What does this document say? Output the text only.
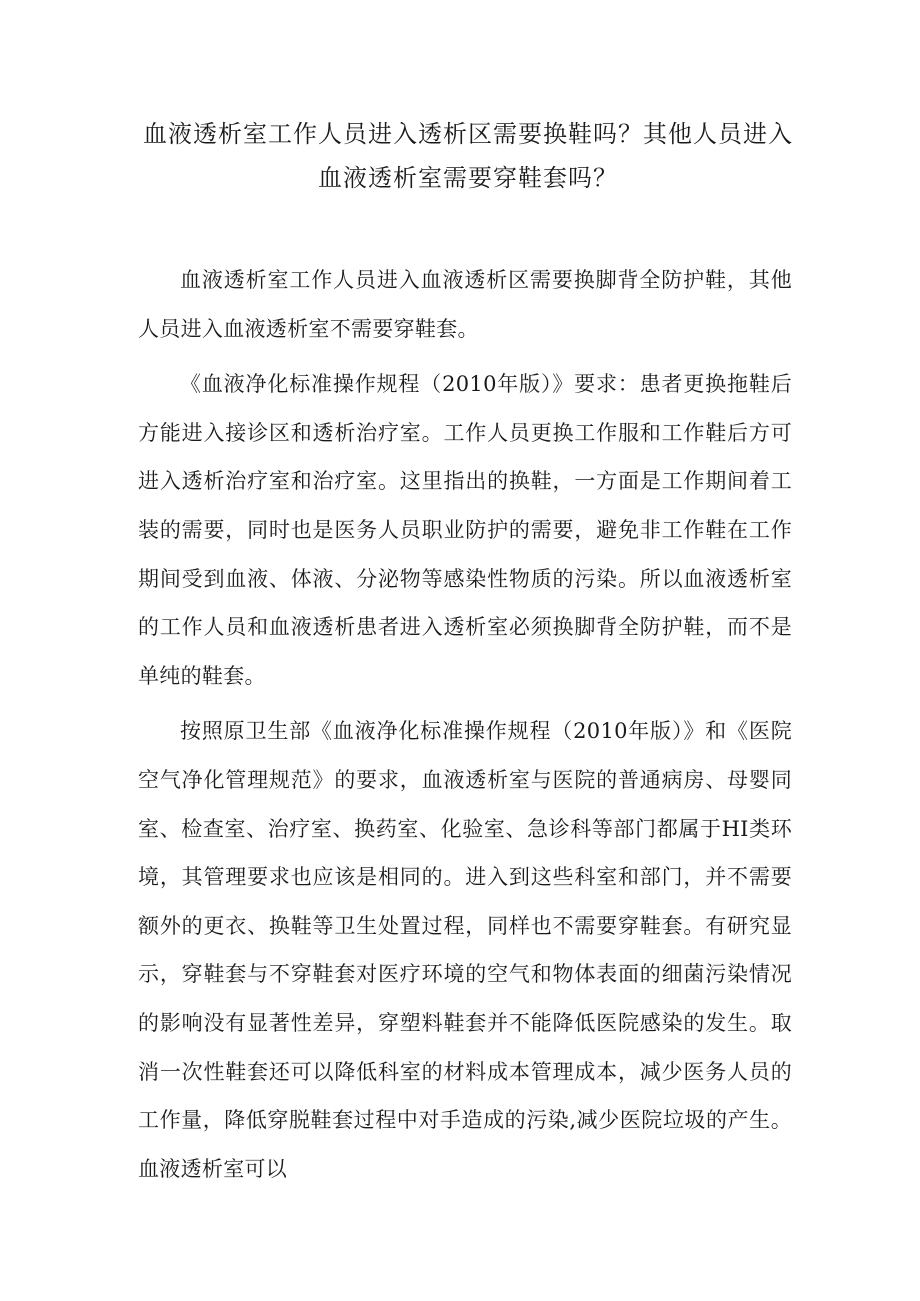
血液透析室工作人员进入透析区需要换鞋吗？其他人员进入血液透析室需要穿鞋套吗？

血液透析室工作人员进入血液透析区需要换脚背全防护鞋，其他人员进入血液透析室不需要穿鞋套。

《血液净化标准操作规程（2010年版）》要求：患者更换拖鞋后方能进入接诊区和透析治疗室。工作人员更换工作服和工作鞋后方可进入透析治疗室和治疗室。这里指出的换鞋，一方面是工作期间着工装的需要，同时也是医务人员职业防护的需要，避免非工作鞋在工作期间受到血液、体液、分泌物等感染性物质的污染。所以血液透析室的工作人员和血液透析患者进入透析室必须换脚背全防护鞋，而不是单纯的鞋套。

按照原卫生部《血液净化标准操作规程（2010年版）》和《医院空气净化管理规范》的要求，血液透析室与医院的普通病房、母婴同室、检查室、治疗室、换药室、化验室、急诊科等部门都属于HI类环境，其管理要求也应该是相同的。进入到这些科室和部门，并不需要额外的更衣、换鞋等卫生处置过程，同样也不需要穿鞋套。有研究显示，穿鞋套与不穿鞋套对医疗环境的空气和物体表面的细菌污染情况的影响没有显著性差异，穿塑料鞋套并不能降低医院感染的发生。取消一次性鞋套还可以降低科室的材料成本管理成本，减少医务人员的工作量，降低穿脱鞋套过程中对手造成的污染,减少医院垃圾的产生。血液透析室可以
